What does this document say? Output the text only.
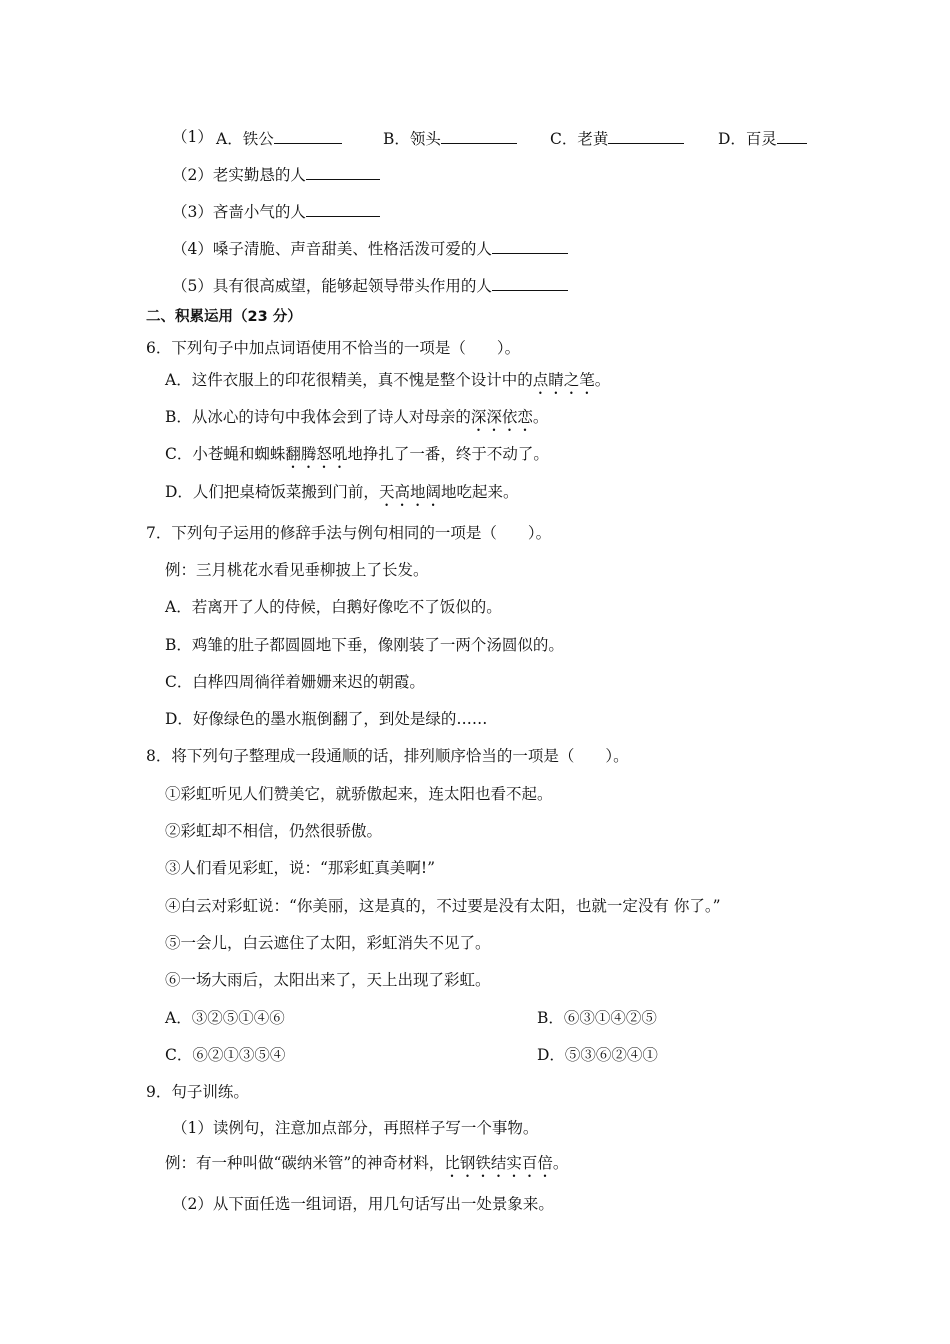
（1） A．铁公	B．领头	C．老黄	D．百灵
（2）老实勤恳的人
（3）吝啬小气的人
（4）嗓子清脆、声音甜美、性格活泼可爱的人
（5）具有很高威望，能够起领导带头作用的人
二、积累运用（23 分）
6．下列句子中加点词语使用不恰当的一项是（　　）。
A．这件衣服上的印花很精美，真不愧是整个设计中的点睛之笔。
B．从冰心的诗句中我体会到了诗人对母亲的深深依恋。
C．小苍蝇和蜘蛛翻腾怒吼地挣扎了一番，终于不动了。
D．人们把桌椅饭菜搬到门前，天高地阔地吃起来。
7．下列句子运用的修辞手法与例句相同的一项是（　　）。
例：三月桃花水看见垂柳披上了长发。
A．若离开了人的侍候，白鹅好像吃不了饭似的。
B．鸡雏的肚子都圆圆地下垂，像刚装了一两个汤圆似的。
C．白桦四周徜徉着姗姗来迟的朝霞。
D．好像绿色的墨水瓶倒翻了，到处是绿的……
8．将下列句子整理成一段通顺的话，排列顺序恰当的一项是（　　）。
①彩虹听见人们赞美它，就骄傲起来，连太阳也看不起。
②彩虹却不相信，仍然很骄傲。
③人们看见彩虹，说：“那彩虹真美啊!”
④白云对彩虹说：“你美丽，这是真的，不过要是没有太阳，也就一定没有 你了。”
⑤一会儿，白云遮住了太阳，彩虹消失不见了。
⑥一场大雨后，太阳出来了，天上出现了彩虹。
A．③②⑤①④⑥	B．⑥③①④②⑤
C．⑥②①③⑤④	D．⑤③⑥②④①
9．句子训练。
（1）读例句，注意加点部分，再照样子写一个事物。
例：有一种叫做“碳纳米管”的神奇材料，比钢铁结实百倍。
（2）从下面任选一组词语，用几句话写出一处景象来。
